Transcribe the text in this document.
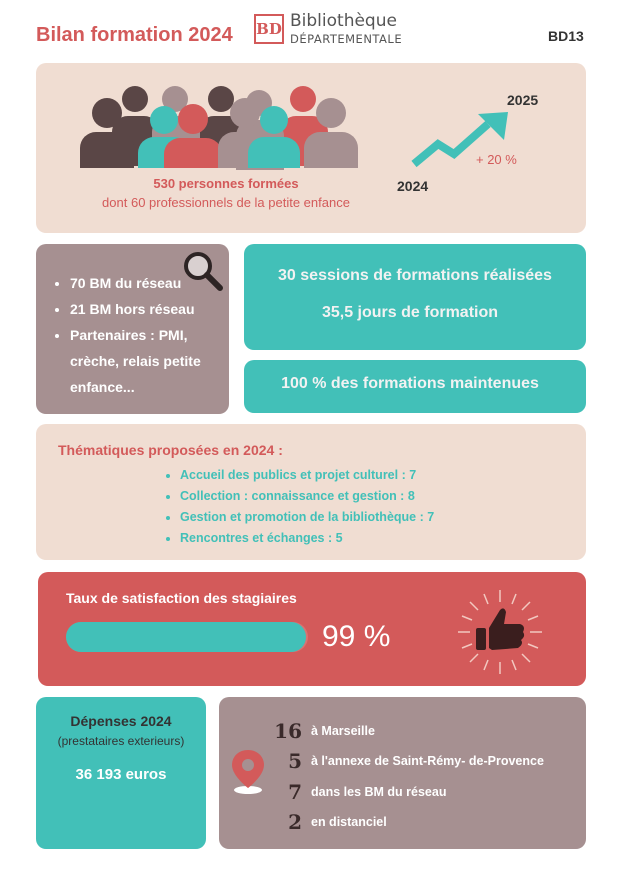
Bilan formation 2024 BD Bibliothèque
DÉPARTEMENTALE	BD13
530 personnes formées
dont 60 professionnels de la petite enfance
2025
2024
+ 20 %
• 70 BM du réseau
• 21 BM hors réseau
• Partenaires : PMI, crèche, relais petite enfance...
30 sessions de formations réalisées
35,5 jours de formation
100 % des formations maintenues
Thématiques proposées en 2024 :
• Accueil des publics et projet culturel : 7
• Collection : connaissance et gestion : 8
• Gestion et promotion de la bibliothèque : 7
• Rencontres et échanges : 5
Taux de satisfaction des stagiaires
99 %
Dépenses 2024
(prestataires exterieurs)
36 193 euros
16 à Marseille
5 à l'annexe de Saint-Rémy- de-Provence
7 dans les BM du réseau
2 en distanciel
